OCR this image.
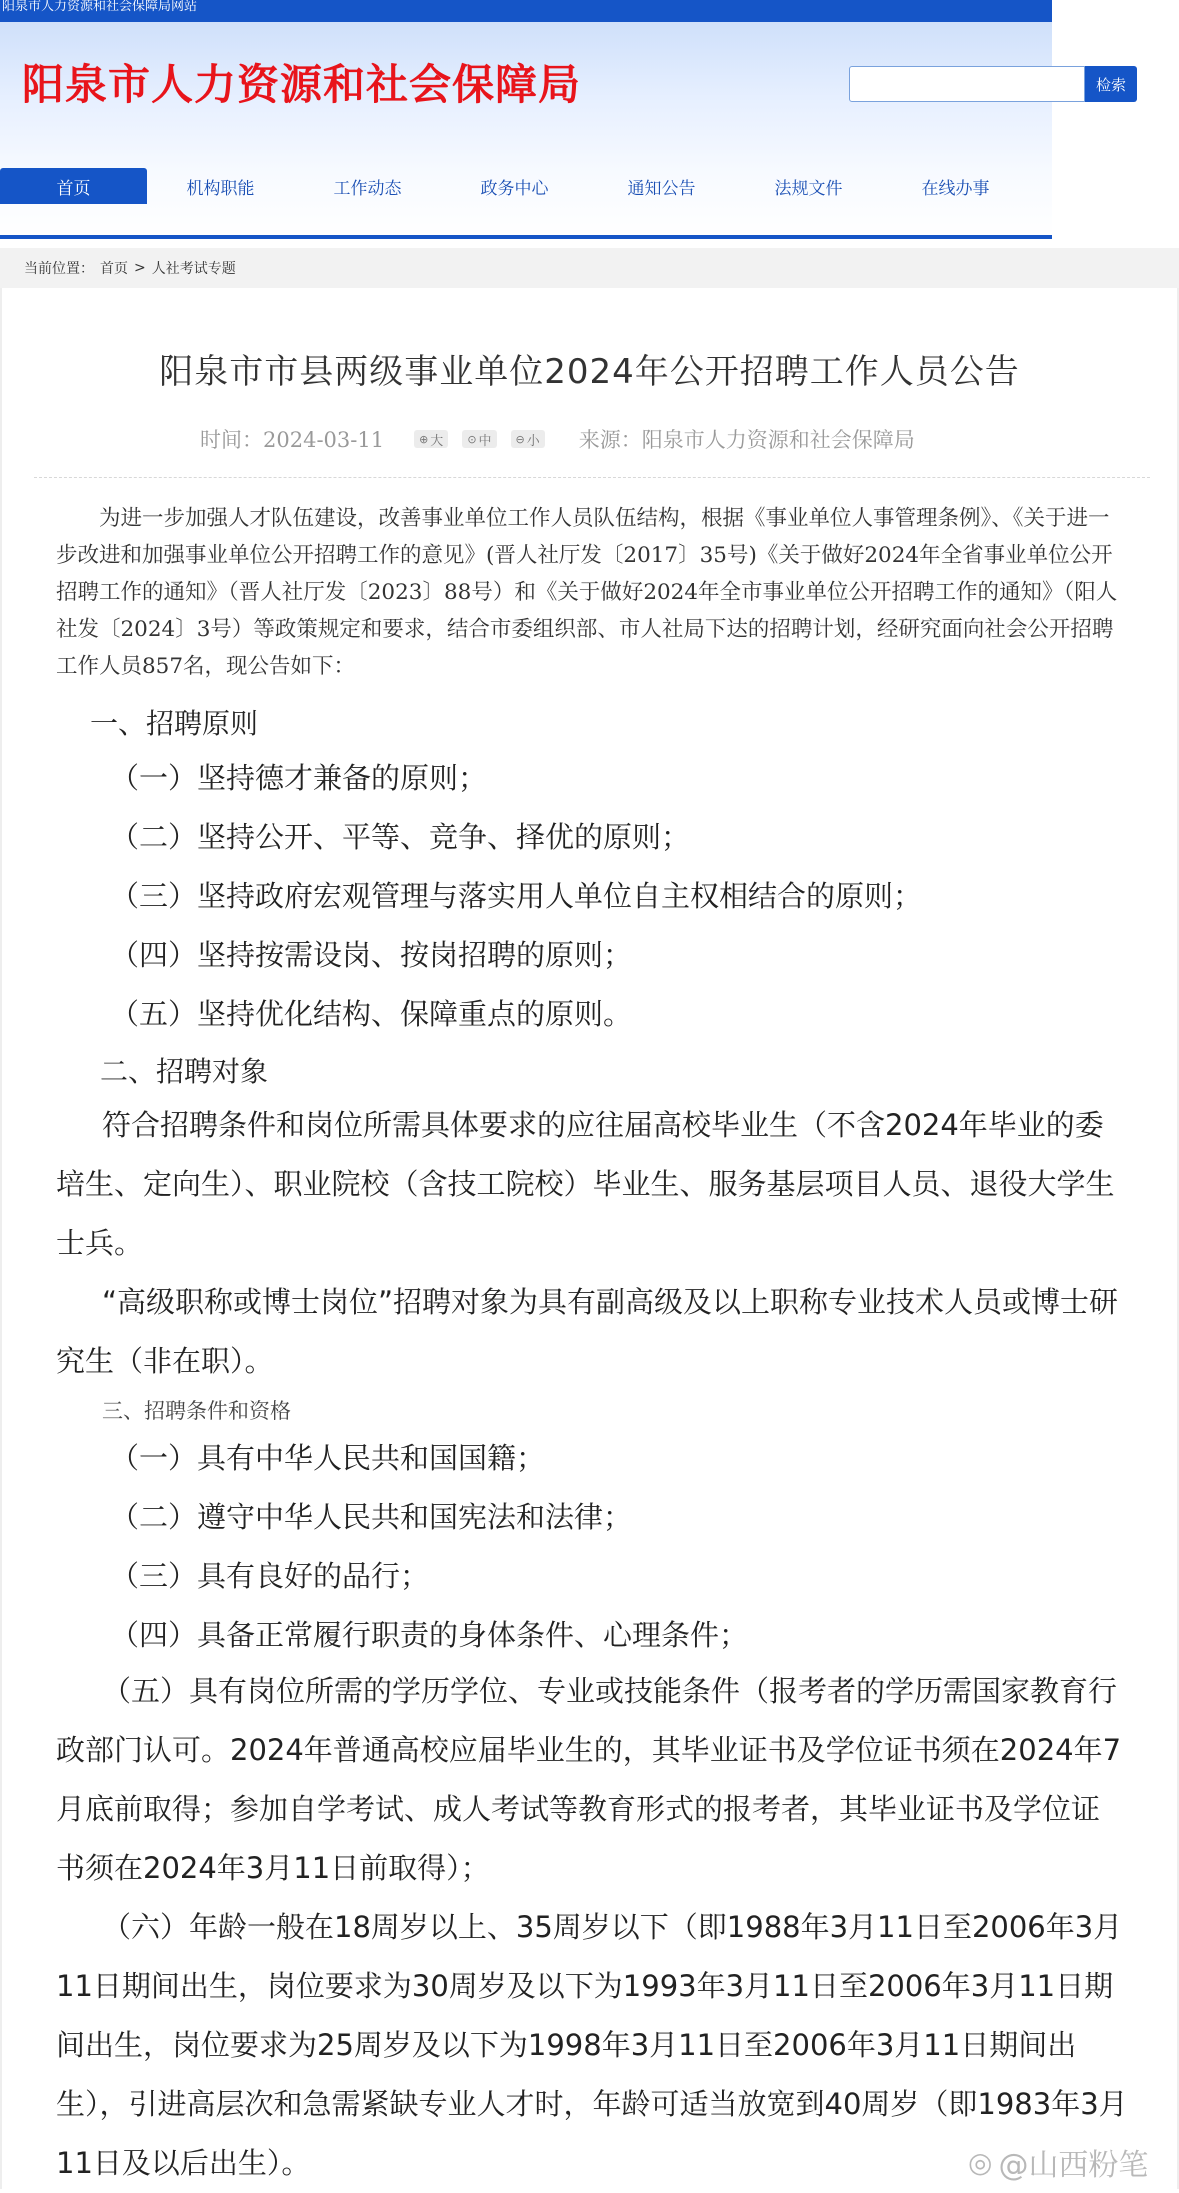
阳泉市人力资源和社会保障局网站
阳泉市人力资源和社会保障局	检索
首页	机构职能	工作动态	政务中心	通知公告	法规文件	在线办事
当前位置： 首页 > 人社考试专题
阳泉市市县两级事业单位2024年公开招聘工作人员公告
时间：2024-03-11	⊕ 大 ⊙ 中 ⊖ 小 来源：阳泉市人力资源和社会保障局

为进一步加强人才队伍建设，改善事业单位工作人员队伍结构，根据《事业单位人事管理条例》、《关于进一步改进和加强事业单位公开招聘工作的意见》(晋人社厅发〔2017〕35号)《关于做好2024年全省事业单位公开招聘工作的通知》（晋人社厅发〔2023〕88号）和《关于做好2024年全市事业单位公开招聘工作的通知》（阳人社发〔2024〕3号）等政策规定和要求，结合市委组织部、市人社局下达的招聘计划，经研究面向社会公开招聘工作人员857名，现公告如下：

一、招聘原则
（一）坚持德才兼备的原则；
（二）坚持公开、平等、竞争、择优的原则；
（三）坚持政府宏观管理与落实用人单位自主权相结合的原则；
（四）坚持按需设岗、按岗招聘的原则；
（五）坚持优化结构、保障重点的原则。
二、招聘对象

符合招聘条件和岗位所需具体要求的应往届高校毕业生（不含2024年毕业的委培生、定向生）、职业院校（含技工院校）毕业生、服务基层项目人员、退役大学生士兵。

“高级职称或博士岗位”招聘对象为具有副高级及以上职称专业技术人员或博士研究生（非在职）。

三、招聘条件和资格
（一）具有中华人民共和国国籍；
（二）遵守中华人民共和国宪法和法律；
（三）具有良好的品行；
（四）具备正常履行职责的身体条件、心理条件；

（五）具有岗位所需的学历学位、专业或技能条件（报考者的学历需国家教育行政部门认可。2024年普通高校应届毕业生的，其毕业证书及学位证书须在2024年7月底前取得；参加自学考试、成人考试等教育形式的报考者，其毕业证书及学位证书须在2024年3月11日前取得）；

（六）年龄一般在18周岁以上、35周岁以下（即1988年3月11日至2006年3月11日期间出生，岗位要求为30周岁及以下为1993年3月11日至2006年3月11日期间出生，岗位要求为25周岁及以下为1998年3月11日至2006年3月11日期间出生），引进高层次和急需紧缺专业人才时，年龄可适当放宽到40周岁（即1983年3月11日及以后出生）。	◎ @山西粉笔
